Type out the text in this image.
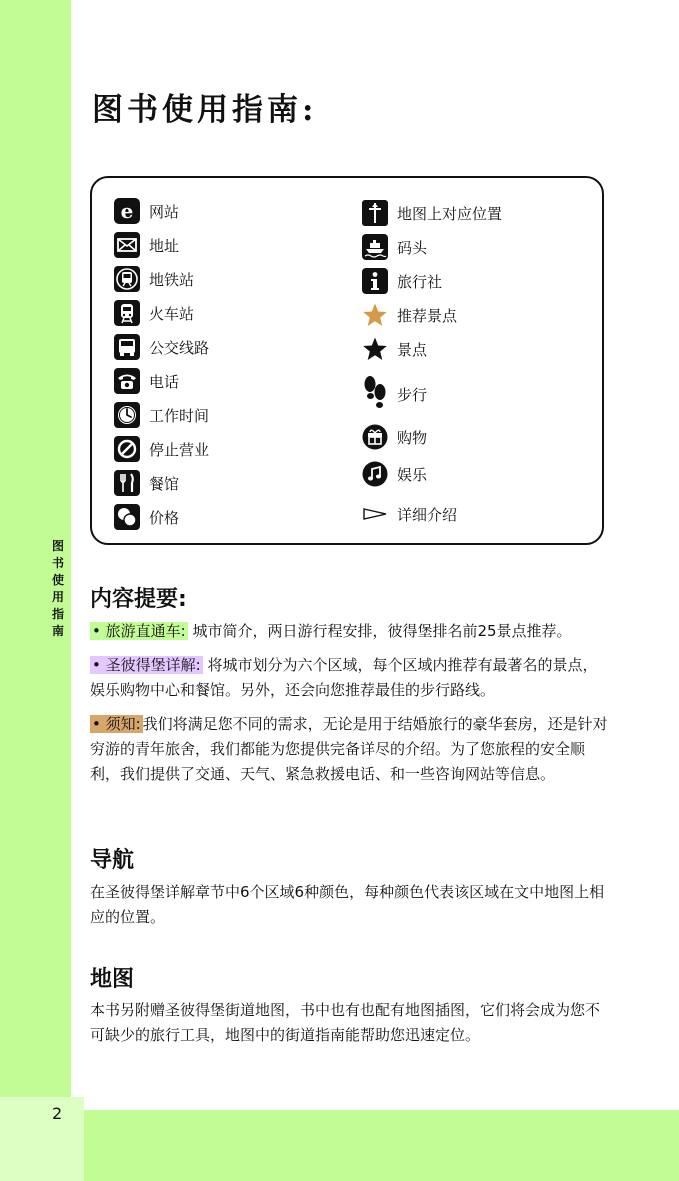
图书使用指南
图书使用指南:
e 网站
地址
地铁站
火车站
公交线路
电话
工作时间
停止营业
餐馆
价格
地图上对应位置
码头
旅行社
推荐景点
景点
步行
购物
娱乐
详细介绍
内容提要:

• 旅游直通车: 城市简介，两日游行程安排，彼得堡排名前25景点推荐。

• 圣彼得堡详解: 将城市划分为六个区域，每个区域内推荐有最著名的景点，娱乐购物中心和餐馆。另外，还会向您推荐最佳的步行路线。

• 须知: 我们将满足您不同的需求，无论是用于结婚旅行的豪华套房，还是针对穷游的青年旅舍，我们都能为您提供完备详尽的介绍。为了您旅程的安全顺利，我们提供了交通、天气、紧急救援电话、和一些咨询网站等信息。

导航

在圣彼得堡详解章节中6个区域6种颜色，每种颜色代表该区域在文中地图上相应的位置。

地图

本书另附赠圣彼得堡街道地图，书中也有也配有地图插图，它们将会成为您不可缺少的旅行工具，地图中的街道指南能帮助您迅速定位。

2
